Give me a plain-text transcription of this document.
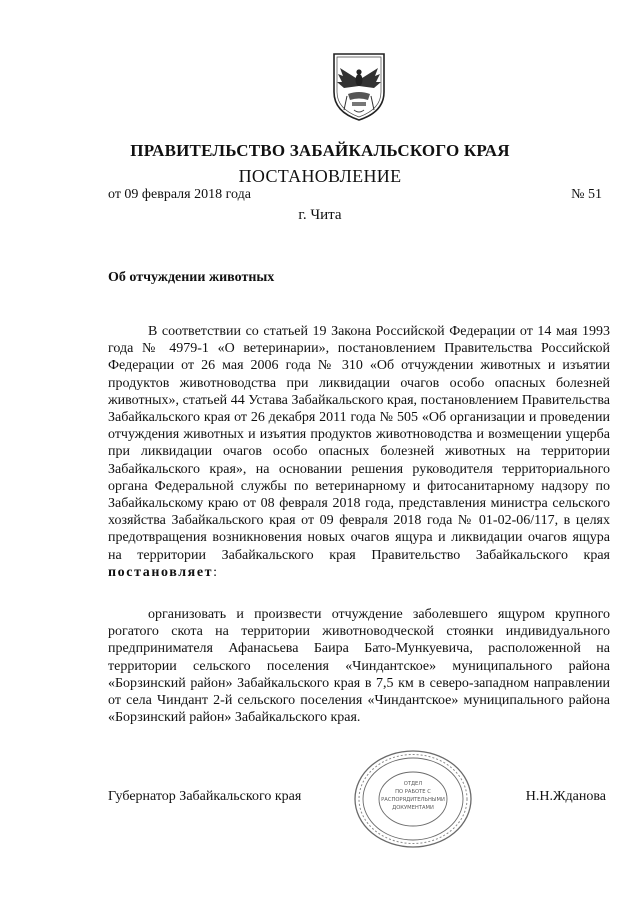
ПРАВИТЕЛЬСТВО ЗАБАЙКАЛЬСКОГО КРАЯ
ПОСТАНОВЛЕНИЕ
от 09 февраля 2018 года	№ 51
г. Чита
Об отчуждении животных

В соответствии со статьей 19 Закона Российской Федерации от 14 мая 1993 года № 4979-1 «О ветеринарии», постановлением Правительства Российской Федерации от 26 мая 2006 года № 310 «Об отчуждении животных и изъятии продуктов животноводства при ликвидации очагов особо опасных болезней животных», статьей 44 Устава Забайкальского края, постановлением Правительства Забайкальского края от 26 декабря 2011 года № 505 «Об организации и проведении отчуждения животных и изъятия продуктов животноводства и возмещении ущерба при ликвидации очагов особо опасных болезней животных на территории Забайкальского края», на основании решения руководителя территориального органа Федеральной службы по ветеринарному и фитосанитарному надзору по Забайкальскому краю от 08 февраля 2018 года, представления министра сельского хозяйства Забайкальского края от 09 февраля 2018 года № 01-02-06/117, в целях предотвращения возникновения новых очагов ящура и ликвидации очагов ящура на территории Забайкальского края Правительство Забайкальского края постановляет:

организовать и произвести отчуждение заболевшего ящуром крупного рогатого скота на территории животноводческой стоянки индивидуального предпринимателя Афанасьева Баира Бато-Мункуевича, расположенной на территории сельского поселения «Чиндантское» муниципального района «Борзинский район» Забайкальского края в 7,5 км в северо-западном направлении от села Чиндант 2-й сельского поселения «Чиндантское» муниципального района «Борзинский район» Забайкальского края.

Губернатор Забайкальского края	Н.Н.Жданова
ОТДЕЛ
ПО РАБОТЕ С
РАСПОРЯДИТЕЛЬНЫМИ
ДОКУМЕНТАМИ
